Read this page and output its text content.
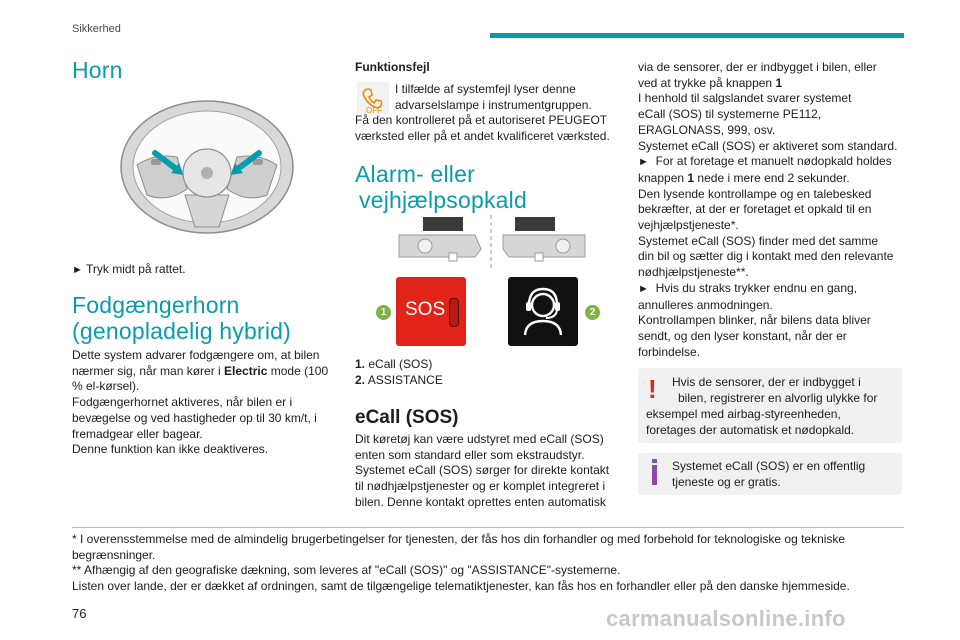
Sikkerhed
Horn
► Tryk midt på rattet.
Fodgængerhorn
(genopladelig hybrid)

Dette system advarer fodgængere om, at bilen

nærmer sig, når man kører i Electric mode (100

% el-kørsel).

Fodgængerhornet aktiveres, når bilen er i

bevægelse og ved hastigheder op til 30 km/t, i

fremadgear eller bagear.

Denne funktion kan ikke deaktiveres.

Funktionsfejl
OFF

I tilfælde af systemfejl lyser denne

advarselslampe i instrumentgruppen.

Få den kontrolleret på et autoriseret PEUGEOT

værksted eller på et andet kvalificeret værksted.

Alarm- eller
vejhjælpsopkald
SOS
1	2

1. eCall (SOS)

2. ASSISTANCE

eCall (SOS)

Dit køretøj kan være udstyret med eCall (SOS)

enten som standard eller som ekstraudstyr.

Systemet eCall (SOS) sørger for direkte kontakt

til nødhjælpstjenester og er komplet integreret i

bilen. Denne kontakt oprettes enten automatisk

via de sensorer, der er indbygget i bilen, eller

ved at trykke på knappen 1

I henhold til salgslandet svarer systemet

eCall (SOS) til systemerne PE112,

ERAGLONASS, 999, osv.

Systemet eCall (SOS) er aktiveret som standard.

► For at foretage et manuelt nødopkald holdes

knappen 1 nede i mere end 2 sekunder.

Den lysende kontrollampe og en talebesked

bekræfter, at der er foretaget et opkald til en

vejhjælpstjeneste*.

Systemet eCall (SOS) finder med det samme

din bil og sætter dig i kontakt med den relevante

nødhjælpstjeneste**.

► Hvis du straks trykker endnu en gang,

annulleres anmodningen.

Kontrollampen blinker, når bilens data bliver

sendt, og den lyser konstant, når der er

forbindelse.

! Hvis de sensorer, der er indbygget i

bilen, registrerer en alvorlig ulykke for

eksempel med airbag-styreenheden,

foretages der automatisk et nødopkald.

Systemet eCall (SOS) er en offentlig

tjeneste og er gratis.

* I overensstemmelse med de almindelig brugerbetingelser for tjenesten, der fås hos din forhandler og med forbehold for teknologiske og tekniske

begrænsninger.

** Afhængig af den geografiske dækning, som leveres af "eCall (SOS)" og "ASSISTANCE"-systemerne.

Listen over lande, der er dækket af ordningen, samt de tilgængelige telematiktjenester, kan fås hos en forhandler eller på den danske hjemmeside.

76	carmanualsonline.info
